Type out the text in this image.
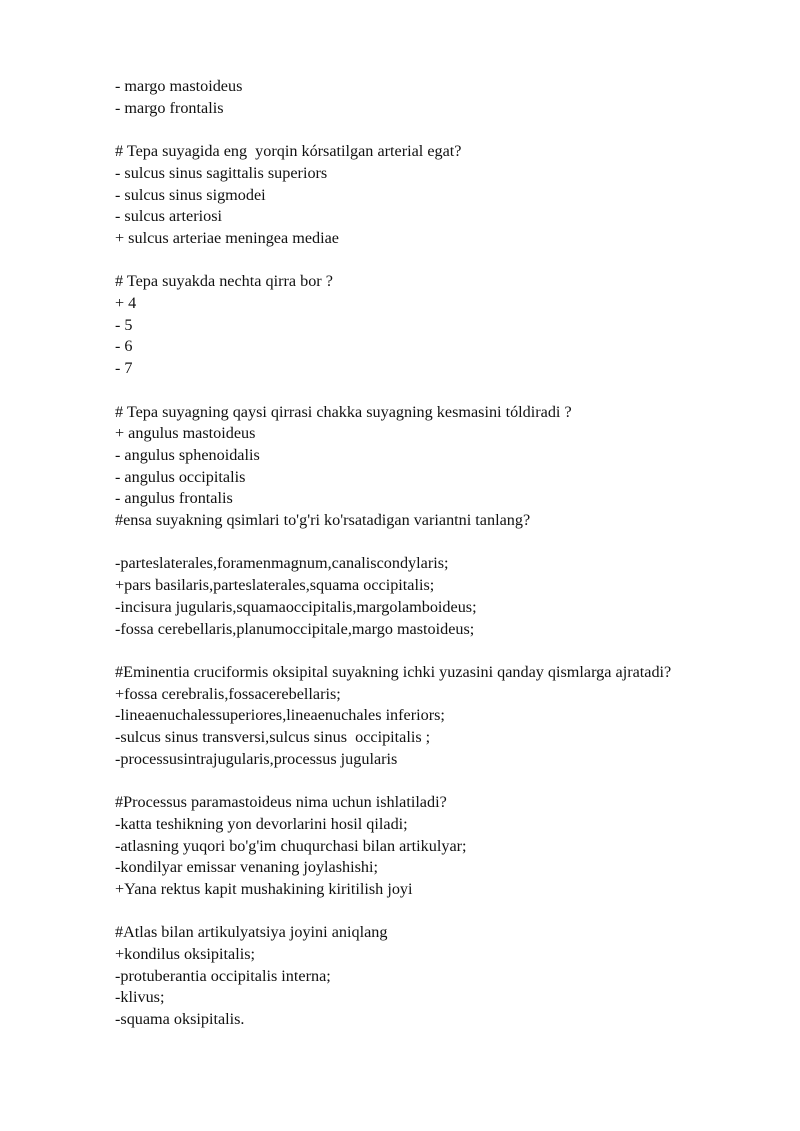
- margo mastoideus
- margo frontalis
# Tepa suyagida eng  yorqin kórsatilgan arterial egat?
- sulcus sinus sagittalis superiors
- sulcus sinus sigmodei
- sulcus arteriosi
+ sulcus arteriae meningea mediae
# Tepa suyakda nechta qirra bor ?
+ 4
- 5
- 6
- 7
# Tepa suyagning qaysi qirrasi chakka suyagning kesmasini tóldiradi ?
+ angulus mastoideus
- angulus sphenoidalis
- angulus occipitalis
- angulus frontalis
#ensa suyakning qsimlari to'g'ri ko'rsatadigan variantni tanlang?
-parteslaterales,foramenmagnum,canaliscondylaris;
+pars basilaris,parteslaterales,squama occipitalis;
-incisura jugularis,squamaoccipitalis,margolamboideus;
-fossa cerebellaris,planumoccipitale,margo mastoideus;
#Eminentia cruciformis oksipital suyakning ichki yuzasini qanday qismlarga ajratadi?
+fossa cerebralis,fossacerebellaris;
-lineaenuchalessuperiores,lineaenuchales inferiors;
-sulcus sinus transversi,sulcus sinus  occipitalis ;
-processusintrajugularis,processus jugularis
#Processus paramastoideus nima uchun ishlatiladi?
-katta teshikning yon devorlarini hosil qiladi;
-atlasning yuqori bo'g'im chuqurchasi bilan artikulyar;
-kondilyar emissar venaning joylashishi;
+Yana rektus kapit mushakining kiritilish joyi
#Atlas bilan artikulyatsiya joyini aniqlang
+kondilus oksipitalis;
-protuberantia occipitalis interna;
-klivus;
-squama oksipitalis.
